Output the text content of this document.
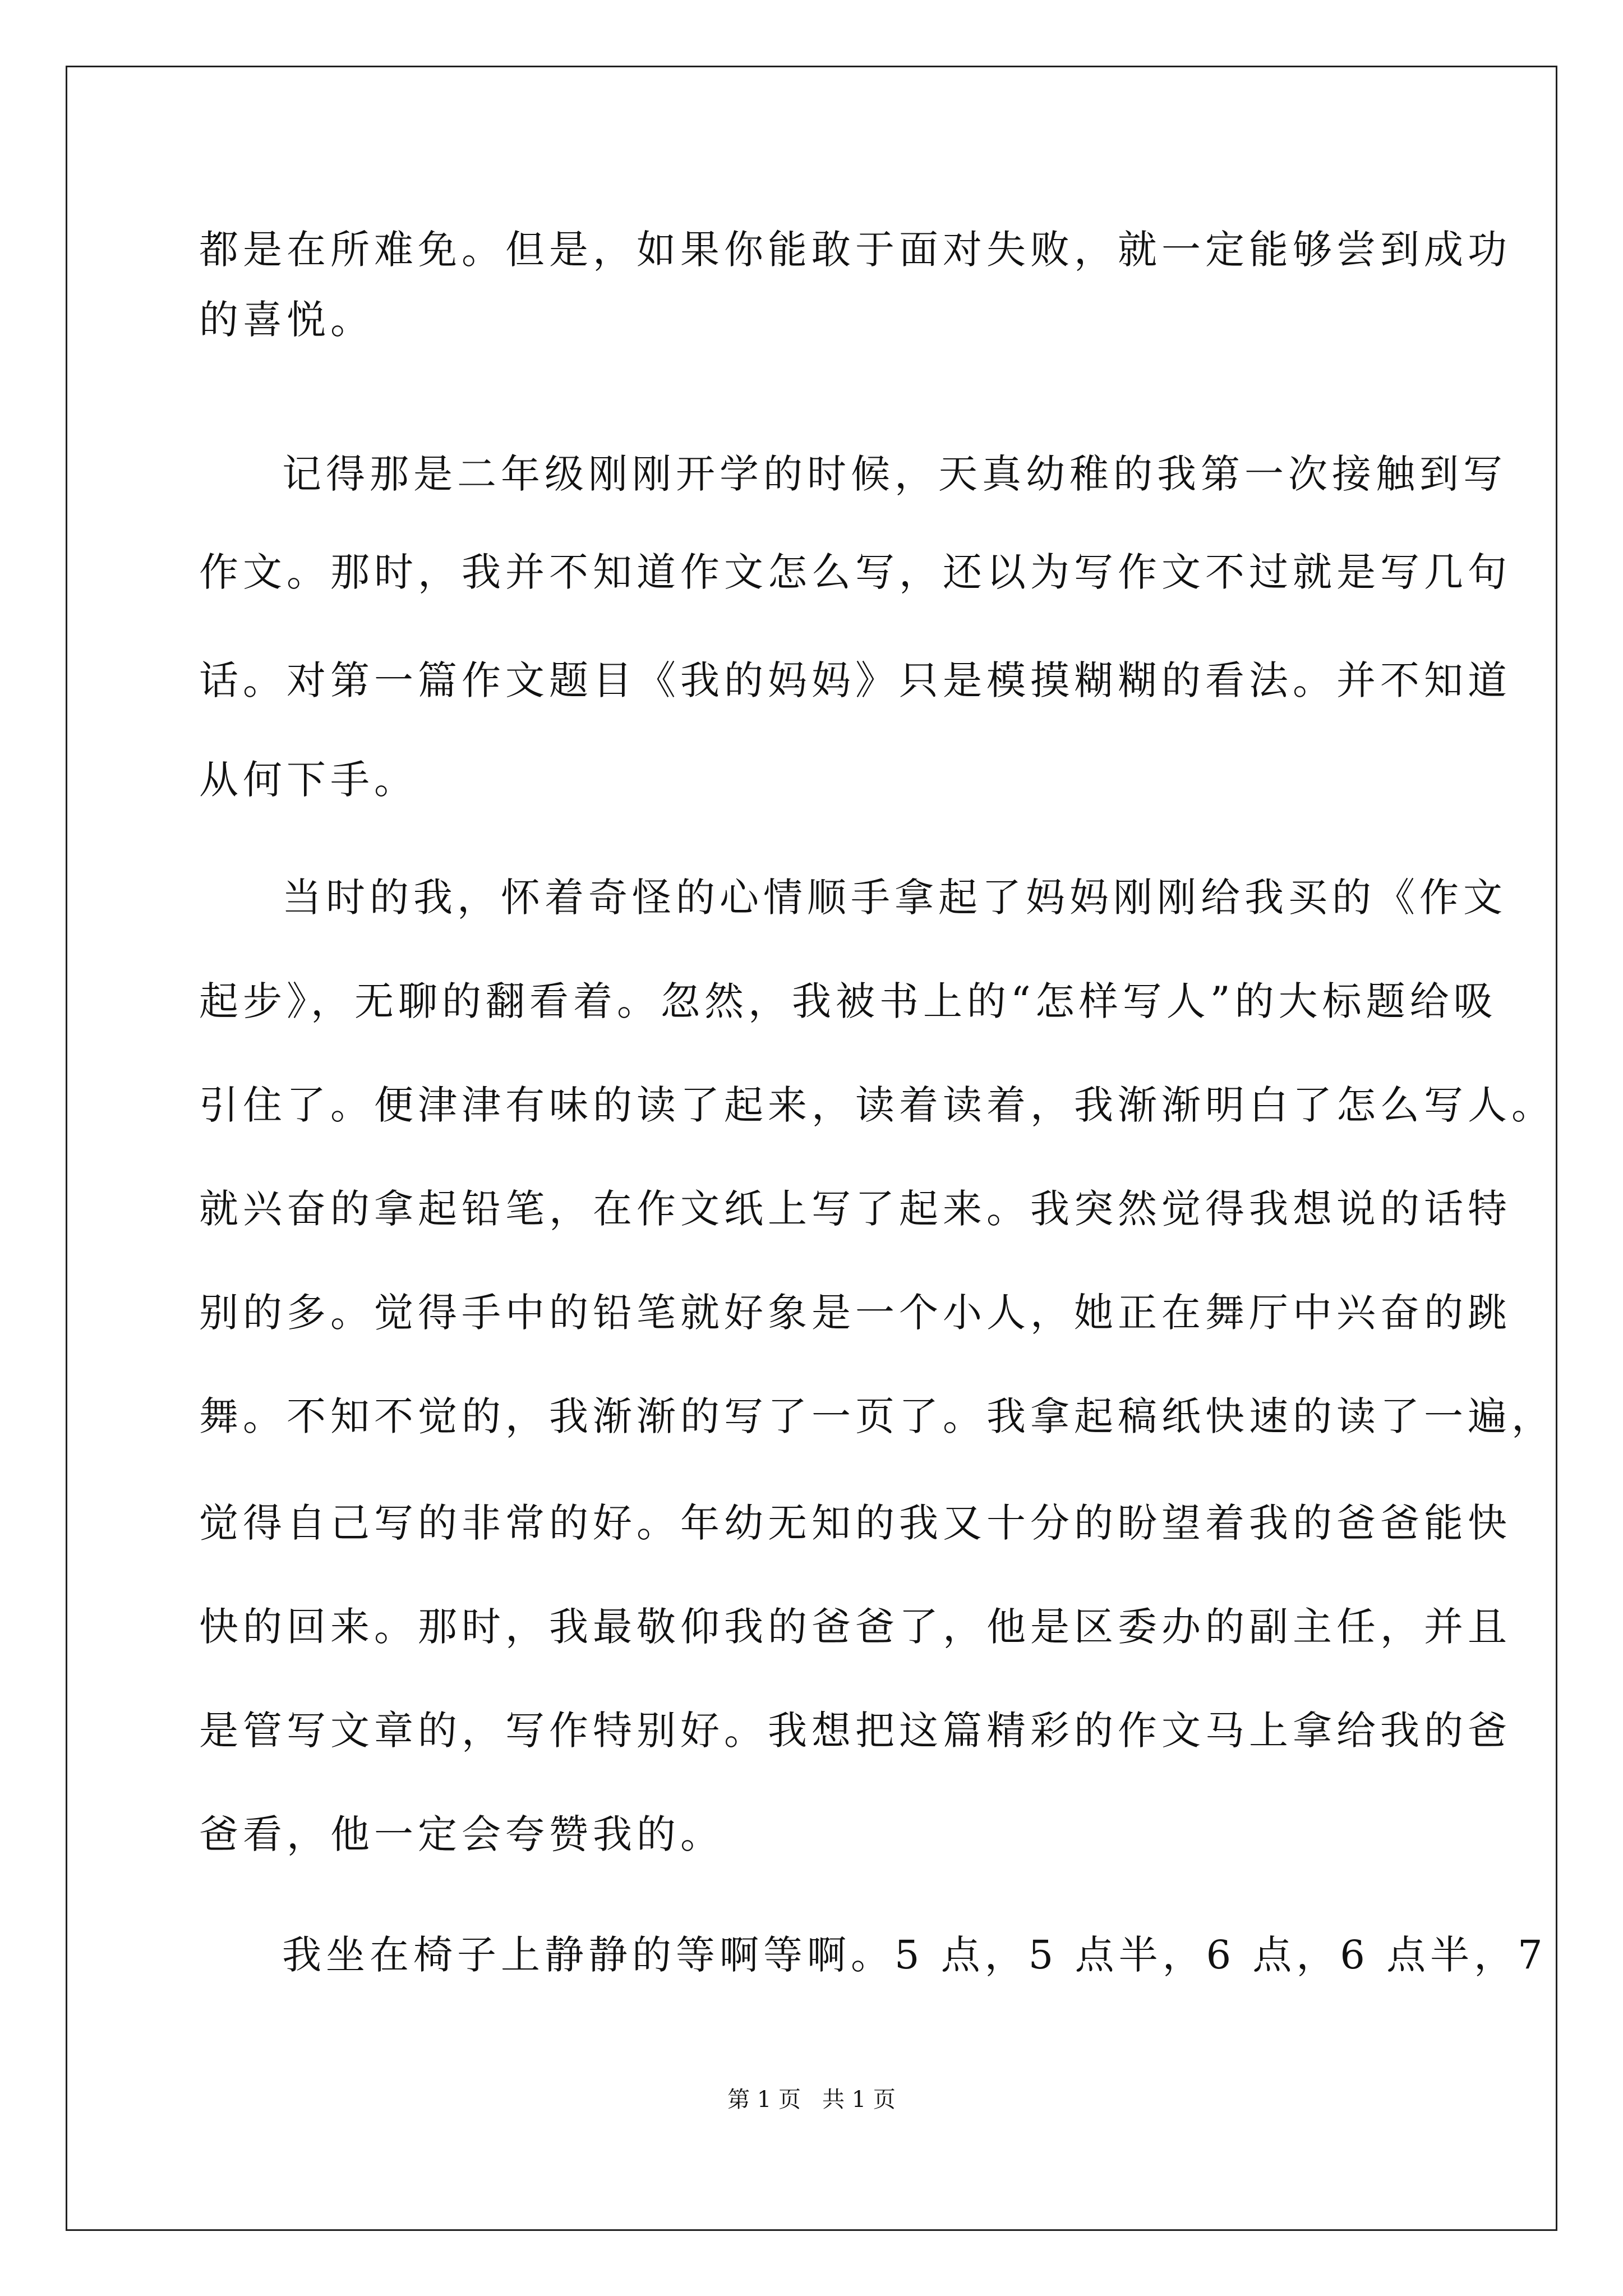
都是在所难免。但是，如果你能敢于面对失败，就一定能够尝到成功
的喜悦。
记得那是二年级刚刚开学的时候，天真幼稚的我第一次接触到写
作文。那时，我并不知道作文怎么写，还以为写作文不过就是写几句
话。对第一篇作文题目《我的妈妈》只是模摸糊糊的看法。并不知道
从何下手。
当时的我，怀着奇怪的心情顺手拿起了妈妈刚刚给我买的《作文
起步》，无聊的翻看着。忽然，我被书上的“怎样写人”的大标题给吸
引住了。便津津有味的读了起来，读着读着，我渐渐明白了怎么写人。
就兴奋的拿起铅笔，在作文纸上写了起来。我突然觉得我想说的话特
别的多。觉得手中的铅笔就好象是一个小人，她正在舞厅中兴奋的跳
舞。不知不觉的，我渐渐的写了一页了。我拿起稿纸快速的读了一遍，
觉得自己写的非常的好。年幼无知的我又十分的盼望着我的爸爸能快
快的回来。那时，我最敬仰我的爸爸了，他是区委办的副主任，并且
是管写文章的，写作特别好。我想把这篇精彩的作文马上拿给我的爸
爸看，他一定会夸赞我的。
我坐在椅子上静静的等啊等啊。5 点，5 点半，6 点，6 点半，7
第 1 页 共 1 页
